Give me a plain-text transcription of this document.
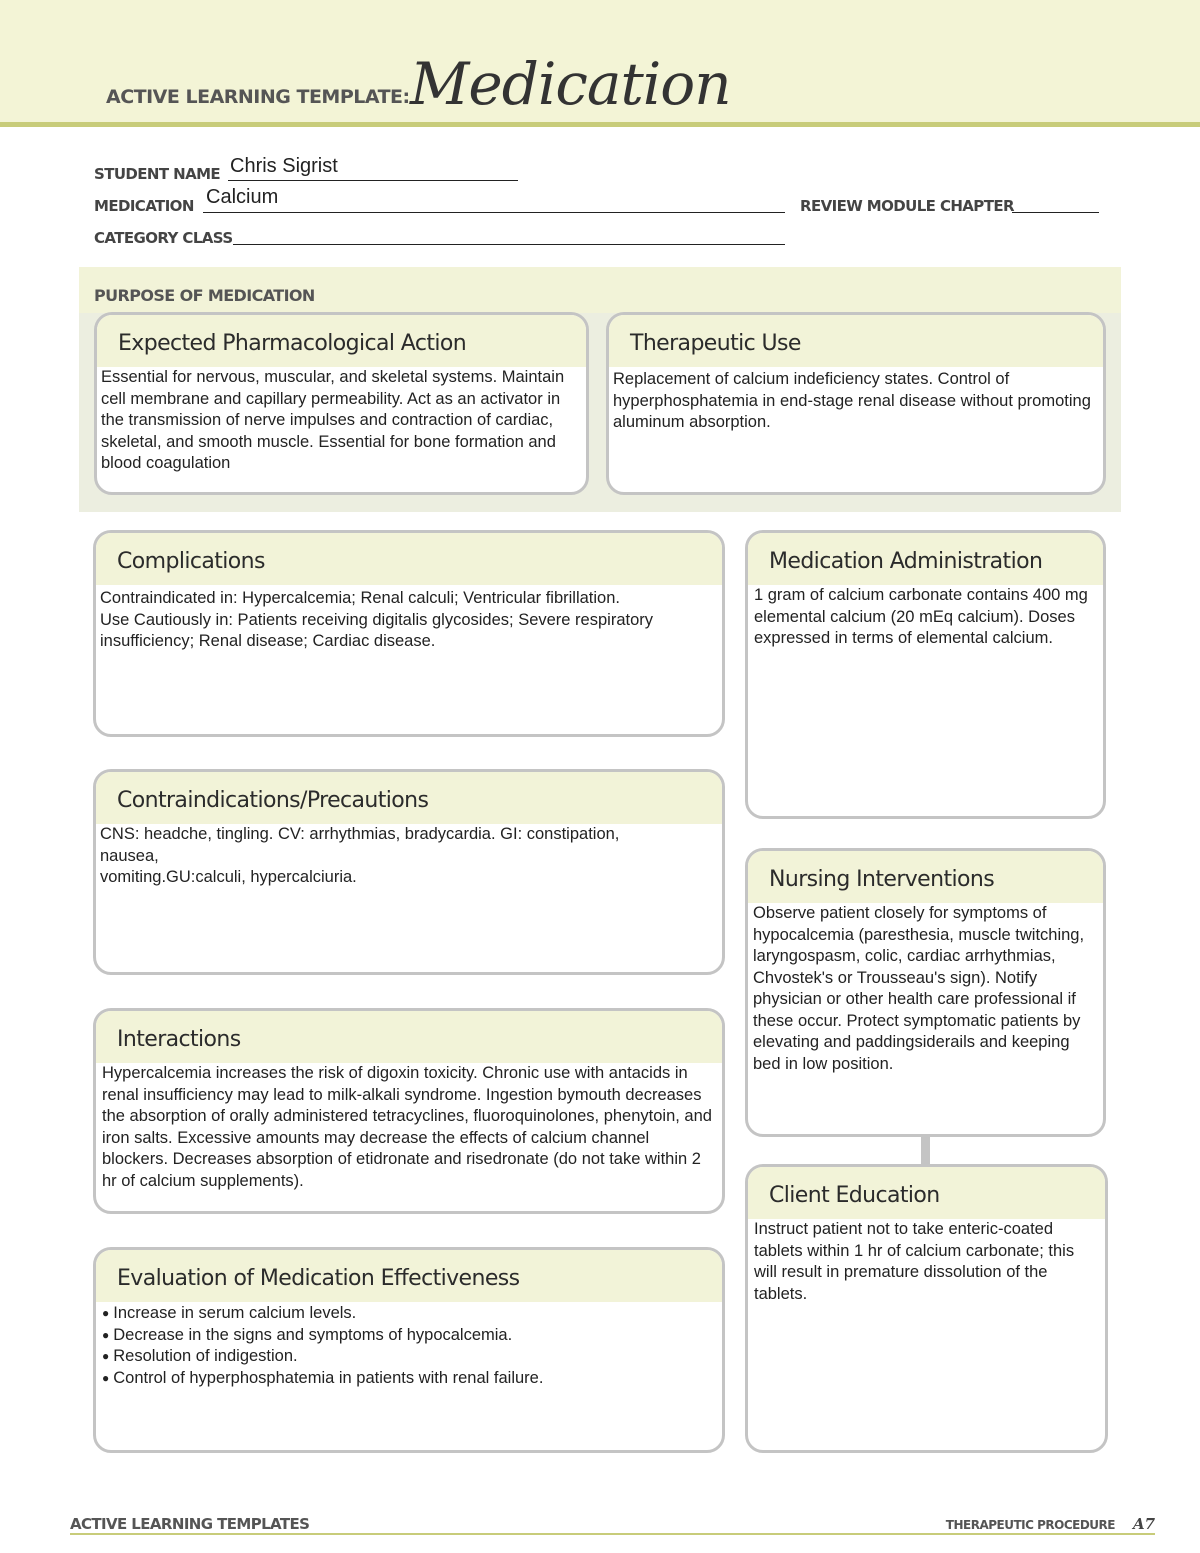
ACTIVE LEARNING TEMPLATE: Medication
STUDENT NAME Chris Sigrist
MEDICATION Calcium	REVIEW MODULE CHAPTER
CATEGORY CLASS
PURPOSE OF MEDICATION
Expected Pharmacological Action
Essential for nervous, muscular, and skeletal systems. Maintain cell membrane and capillary permeability. Act as an activator in the transmission of nerve impulses and contraction of cardiac, skeletal, and smooth muscle. Essential for bone formation and blood coagulation
Therapeutic Use
Replacement of calcium indeficiency states. Control of hyperphosphatemia in end-stage renal disease without promoting aluminum absorption.
Complications
Contraindicated in: Hypercalcemia; Renal calculi; Ventricular fibrillation.
Use Cautiously in: Patients receiving digitalis glycosides; Severe respiratory insufficiency; Renal disease; Cardiac disease.
Medication Administration
1 gram of calcium carbonate contains 400 mg elemental calcium (20 mEq calcium). Doses expressed in terms of elemental calcium.
Contraindications/Precautions
CNS: headche, tingling. CV: arrhythmias, bradycardia. GI: constipation, nausea,
vomiting.GU:calculi, hypercalciuria.	Nursing Interventions
Observe patient closely for symptoms of hypocalcemia (paresthesia, muscle twitching, laryngospasm, colic, cardiac arrhythmias, Chvostek's or Trousseau's sign). Notify physician or other health care professional if these occur. Protect symptomatic patients by elevating and paddingsiderails and keeping bed in low position.
Interactions
Hypercalcemia increases the risk of digoxin toxicity. Chronic use with antacids in renal insufficiency may lead to milk-alkali syndrome. Ingestion bymouth decreases the absorption of orally administered tetracyclines, fluoroquinolones, phenytoin, and iron salts. Excessive amounts may decrease the effects of calcium channel blockers. Decreases absorption of etidronate and risedronate (do not take within 2 hr of calcium supplements).
Client Education
Instruct patient not to take enteric-coated tablets within 1 hr of calcium carbonate; this will result in premature dissolution of the tablets.
Evaluation of Medication Effectiveness
● Increase in serum calcium levels.
● Decrease in the signs and symptoms of hypocalcemia.
● Resolution of indigestion.
● Control of hyperphosphatemia in patients with renal failure.
ACTIVE LEARNING TEMPLATES	THERAPEUTIC PROCEDURE A7
